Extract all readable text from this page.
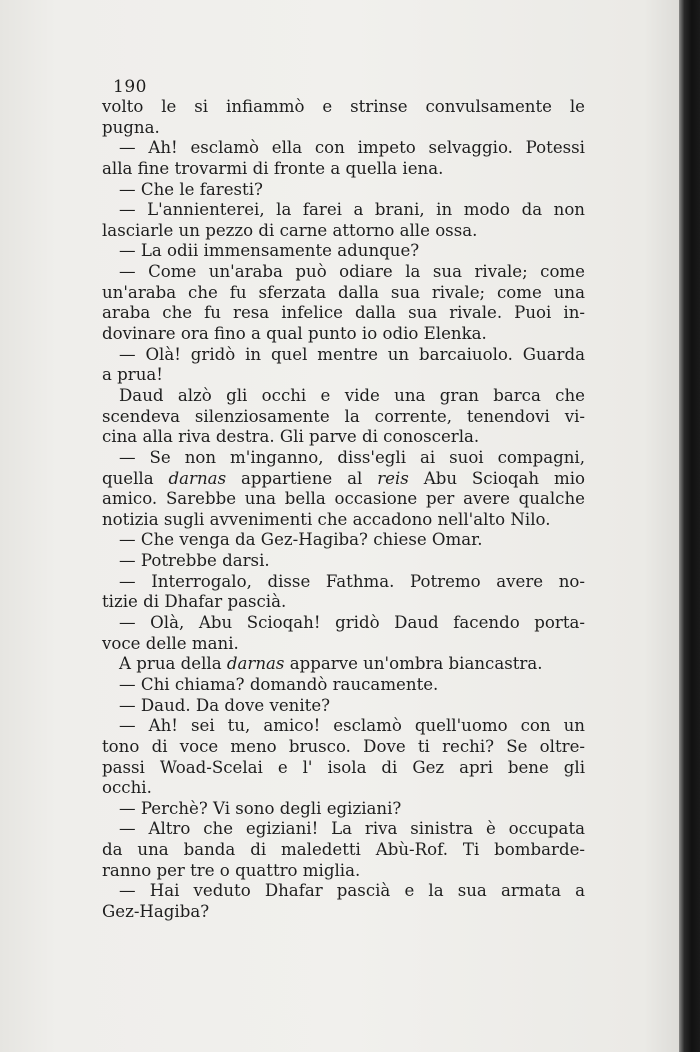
190
volto le si infiammò e strinse convulsamente le
pugna.
— Ah! esclamò ella con impeto selvaggio. Potessi
alla fine trovarmi di fronte a quella iena.
— Che le faresti?
— L'annienterei, la farei a brani, in modo da non
lasciarle un pezzo di carne attorno alle ossa.
— La odii immensamente adunque?
— Come un'araba può odiare la sua rivale; come
un'araba che fu sferzata dalla sua rivale; come una
araba che fu resa infelice dalla sua rivale. Puoi in-
dovinare ora fino a qual punto io odio Elenka.
— Olà! gridò in quel mentre un barcaiuolo. Guarda
a prua!
Daud alzò gli occhi e vide una gran barca che
scendeva silenziosamente la corrente, tenendovi vi-
cina alla riva destra. Gli parve di conoscerla.
— Se non m'inganno, diss'egli ai suoi compagni,
quella darnas appartiene al reis Abu Scioqah mio
amico. Sarebbe una bella occasione per avere qualche
notizia sugli avvenimenti che accadono nell'alto Nilo.
— Che venga da Gez-Hagiba? chiese Omar.
— Potrebbe darsi.
— Interrogalo, disse Fathma. Potremo avere no-
tizie di Dhafar pascià.
— Olà, Abu Scioqah! gridò Daud facendo porta-
voce delle mani.
A prua della darnas apparve un'ombra biancastra.
— Chi chiama? domandò raucamente.
— Daud. Da dove venite?
— Ah! sei tu, amico! esclamò quell'uomo con un
tono di voce meno brusco. Dove ti rechi? Se oltre-
passi Woad-Scelai e l' isola di Gez apri bene gli
occhi.
— Perchè? Vi sono degli egiziani?
— Altro che egiziani! La riva sinistra è occupata
da una banda di maledetti Abù-Rof. Ti bombarde-
ranno per tre o quattro miglia.
— Hai veduto Dhafar pascià e la sua armata a
Gez-Hagiba?
